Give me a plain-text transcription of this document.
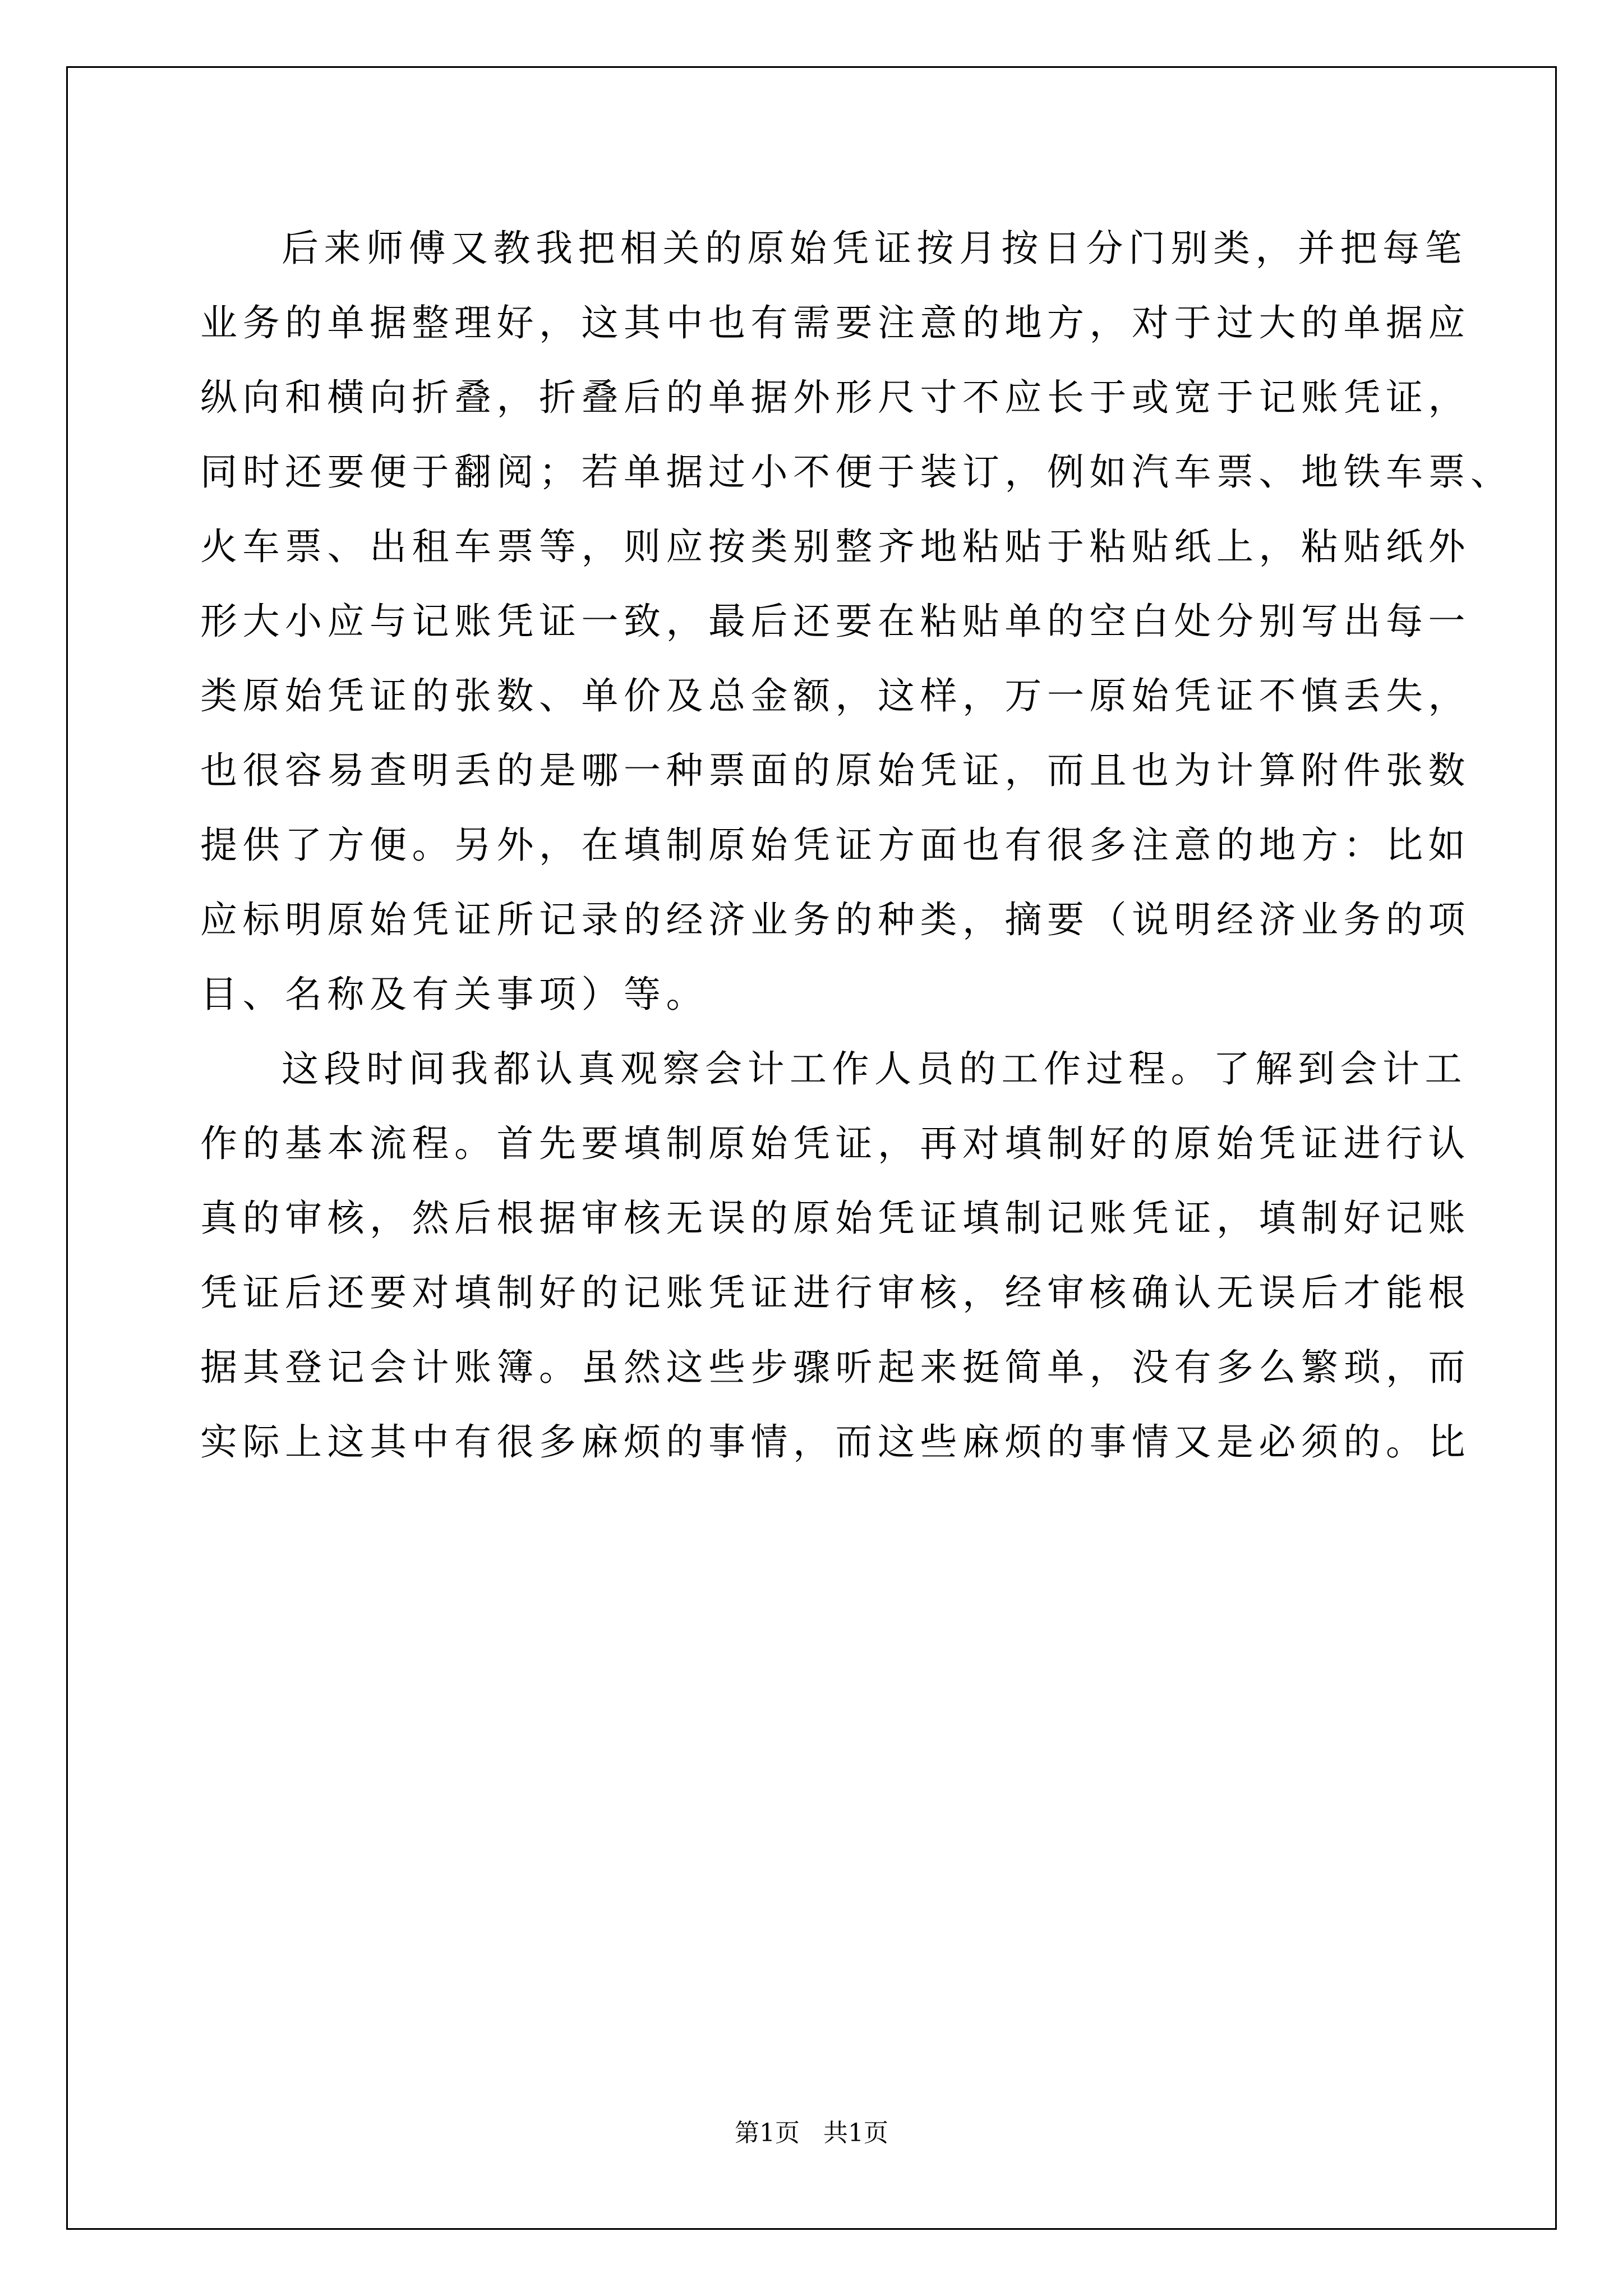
后来师傅又教我把相关的原始凭证按月按日分门别类，并把每笔
业务的单据整理好，这其中也有需要注意的地方，对于过大的单据应
纵向和横向折叠，折叠后的单据外形尺寸不应长于或宽于记账凭证，
同时还要便于翻阅；若单据过小不便于装订，例如汽车票、地铁车票、
火车票、出租车票等，则应按类别整齐地粘贴于粘贴纸上，粘贴纸外
形大小应与记账凭证一致，最后还要在粘贴单的空白处分别写出每一
类原始凭证的张数、单价及总金额，这样，万一原始凭证不慎丢失，
也很容易查明丢的是哪一种票面的原始凭证，而且也为计算附件张数
提供了方便。另外，在填制原始凭证方面也有很多注意的地方：比如
应标明原始凭证所记录的经济业务的种类，摘要（说明经济业务的项
目、名称及有关事项）等。
这段时间我都认真观察会计工作人员的工作过程。了解到会计工
作的基本流程。首先要填制原始凭证，再对填制好的原始凭证进行认
真的审核，然后根据审核无误的原始凭证填制记账凭证，填制好记账
凭证后还要对填制好的记账凭证进行审核，经审核确认无误后才能根
据其登记会计账簿。虽然这些步骤听起来挺简单，没有多么繁琐，而
实际上这其中有很多麻烦的事情，而这些麻烦的事情又是必须的。比
第1页   共1页
